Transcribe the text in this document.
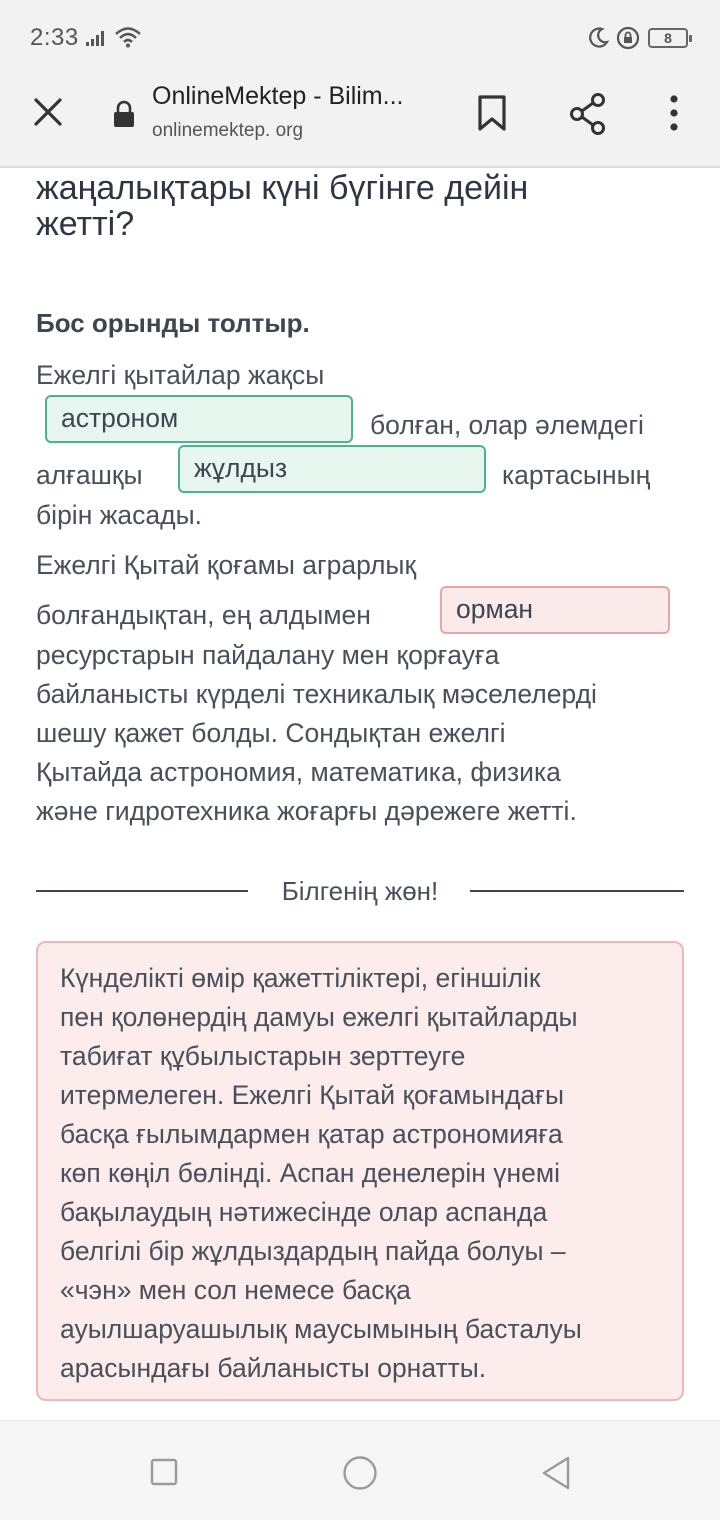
2:33	8
OnlineMektep - Bilim...
onlinemektep. org

жаңалықтары күні бүгінге дейін
жетті?
Бос орынды толтыр.
Ежелгі қытайлар жақсы
астроном	болған, олар әлемдегі
алғашқы	жұлдыз	картасының
бірін жасады.
Ежелгі Қытай қоғамы аграрлық
болғандықтан, ең алдымен	орман
ресурстарын пайдалану мен қорғауға
байланысты күрделі техникалық мәселелерді
шешу қажет болды. Сондықтан ежелгі
Қытайда астрономия, математика, физика
және гидротехника жоғарғы дәрежеге жетті.
Білгенің жөн!
Күнделікті өмір қажеттіліктері, егіншілік
пен қолөнердің дамуы ежелгі қытайларды
табиғат құбылыстарын зерттеуге
итермелеген. Ежелгі Қытай қоғамындағы
басқа ғылымдармен қатар астрономияға
көп көңіл бөлінді. Аспан денелерін үнемі
бақылаудың нәтижесінде олар аспанда
белгілі бір жұлдыздардың пайда болуы –
«чэн» мен сол немесе басқа
ауылшаруашылық маусымының басталуы
арасындағы байланысты орнатты.
